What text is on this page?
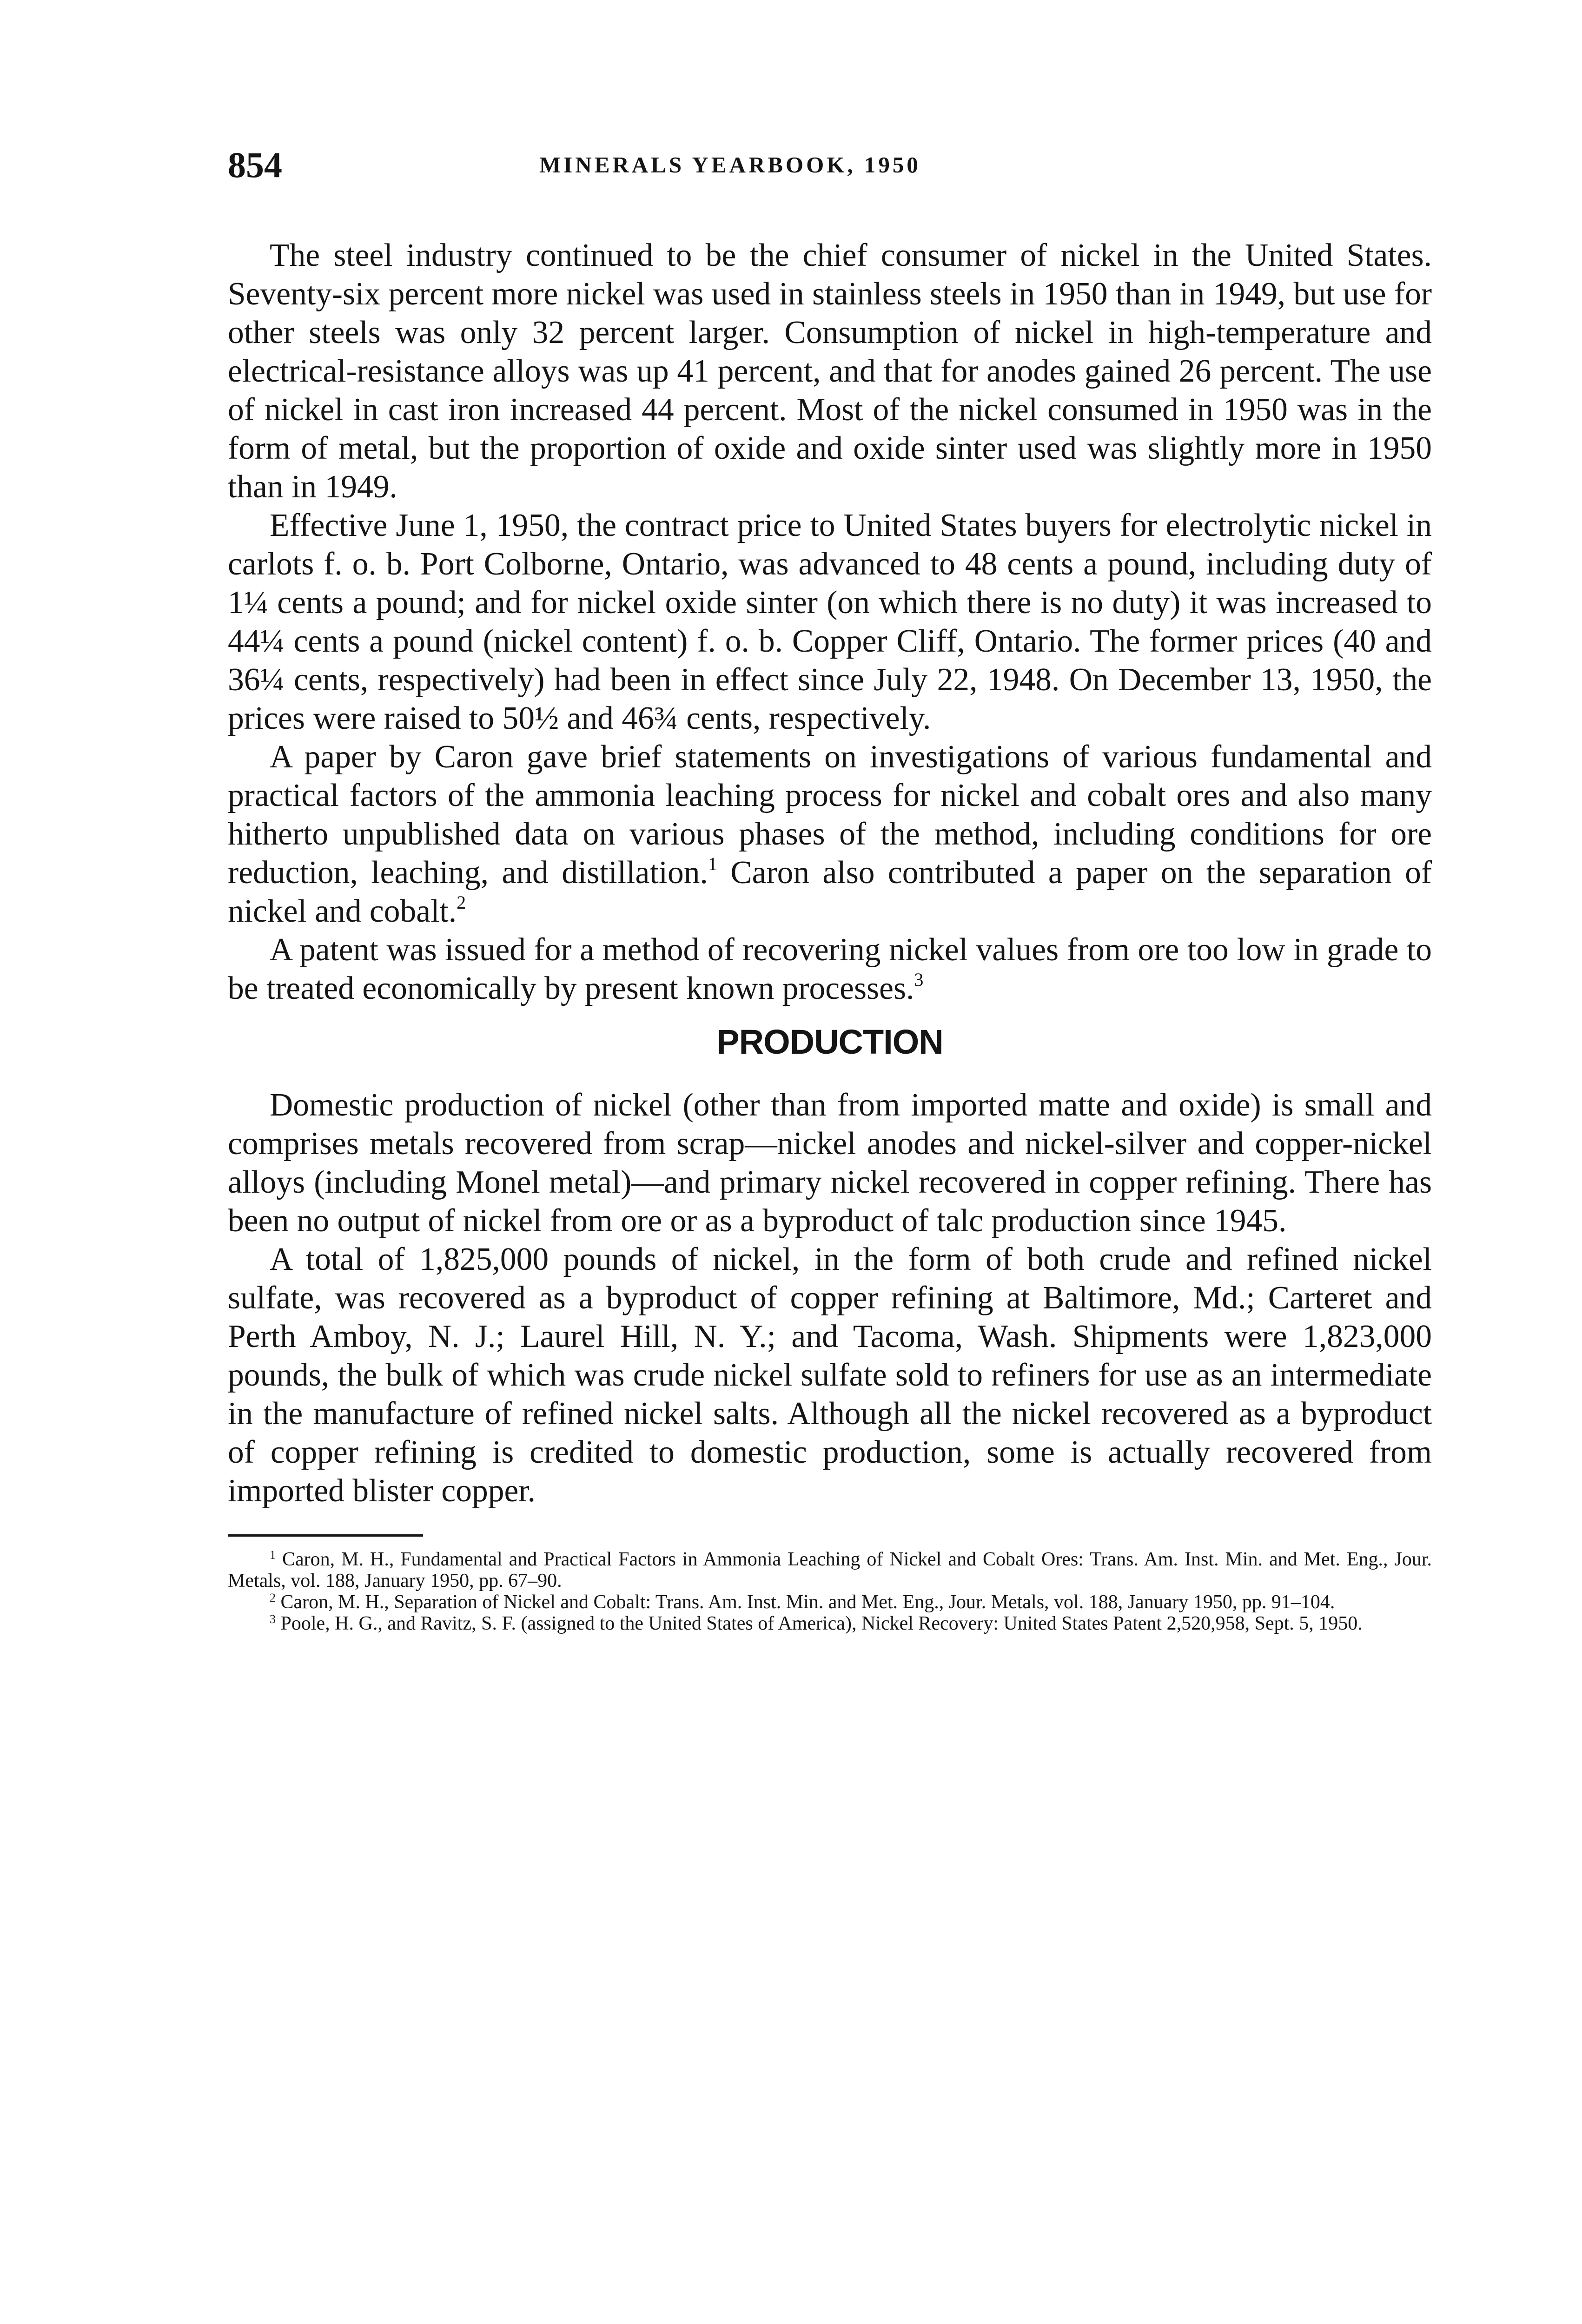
854	MINERALS YEARBOOK, 1950

The steel industry continued to be the chief consumer of nickel in the United States. Seventy-six percent more nickel was used in stainless steels in 1950 than in 1949, but use for other steels was only 32 percent larger. Consumption of nickel in high-temperature and electrical-resistance alloys was up 41 percent, and that for anodes gained 26 percent. The use of nickel in cast iron increased 44 percent. Most of the nickel consumed in 1950 was in the form of metal, but the proportion of oxide and oxide sinter used was slightly more in 1950 than in 1949.

Effective June 1, 1950, the contract price to United States buyers for electrolytic nickel in carlots f. o. b. Port Colborne, Ontario, was advanced to 48 cents a pound, including duty of 1¼ cents a pound; and for nickel oxide sinter (on which there is no duty) it was increased to 44¼ cents a pound (nickel content) f. o. b. Copper Cliff, Ontario. The former prices (40 and 36¼ cents, respectively) had been in effect since July 22, 1948. On December 13, 1950, the prices were raised to 50½ and 46¾ cents, respectively.

A paper by Caron gave brief statements on investigations of various fundamental and practical factors of the ammonia leaching process for nickel and cobalt ores and also many hitherto unpublished data on various phases of the method, including conditions for ore reduction, leaching, and distillation.$^1$ Caron also contributed a paper on the separation of nickel and cobalt.$^2$

A patent was issued for a method of recovering nickel values from ore too low in grade to be treated economically by present known processes.$^3$

PRODUCTION

Domestic production of nickel (other than from imported matte and oxide) is small and comprises metals recovered from scrap—nickel anodes and nickel-silver and copper-nickel alloys (including Monel metal)—and primary nickel recovered in copper refining. There has been no output of nickel from ore or as a byproduct of talc production since 1945.

A total of 1,825,000 pounds of nickel, in the form of both crude and refined nickel sulfate, was recovered as a byproduct of copper refining at Baltimore, Md.; Carteret and Perth Amboy, N. J.; Laurel Hill, N. Y.; and Tacoma, Wash. Shipments were 1,823,000 pounds, the bulk of which was crude nickel sulfate sold to refiners for use as an intermediate in the manufacture of refined nickel salts. Although all the nickel recovered as a byproduct of copper refining is credited to domestic production, some is actually recovered from imported blister copper.

$^1$ Caron, M. H., Fundamental and Practical Factors in Ammonia Leaching of Nickel and Cobalt Ores: Trans. Am. Inst. Min. and Met. Eng., Jour. Metals, vol. 188, January 1950, pp. 67–90.

$^2$ Caron, M. H., Separation of Nickel and Cobalt: Trans. Am. Inst. Min. and Met. Eng., Jour. Metals, vol. 188, January 1950, pp. 91–104.

$^3$ Poole, H. G., and Ravitz, S. F. (assigned to the United States of America), Nickel Recovery: United States Patent 2,520,958, Sept. 5, 1950.
